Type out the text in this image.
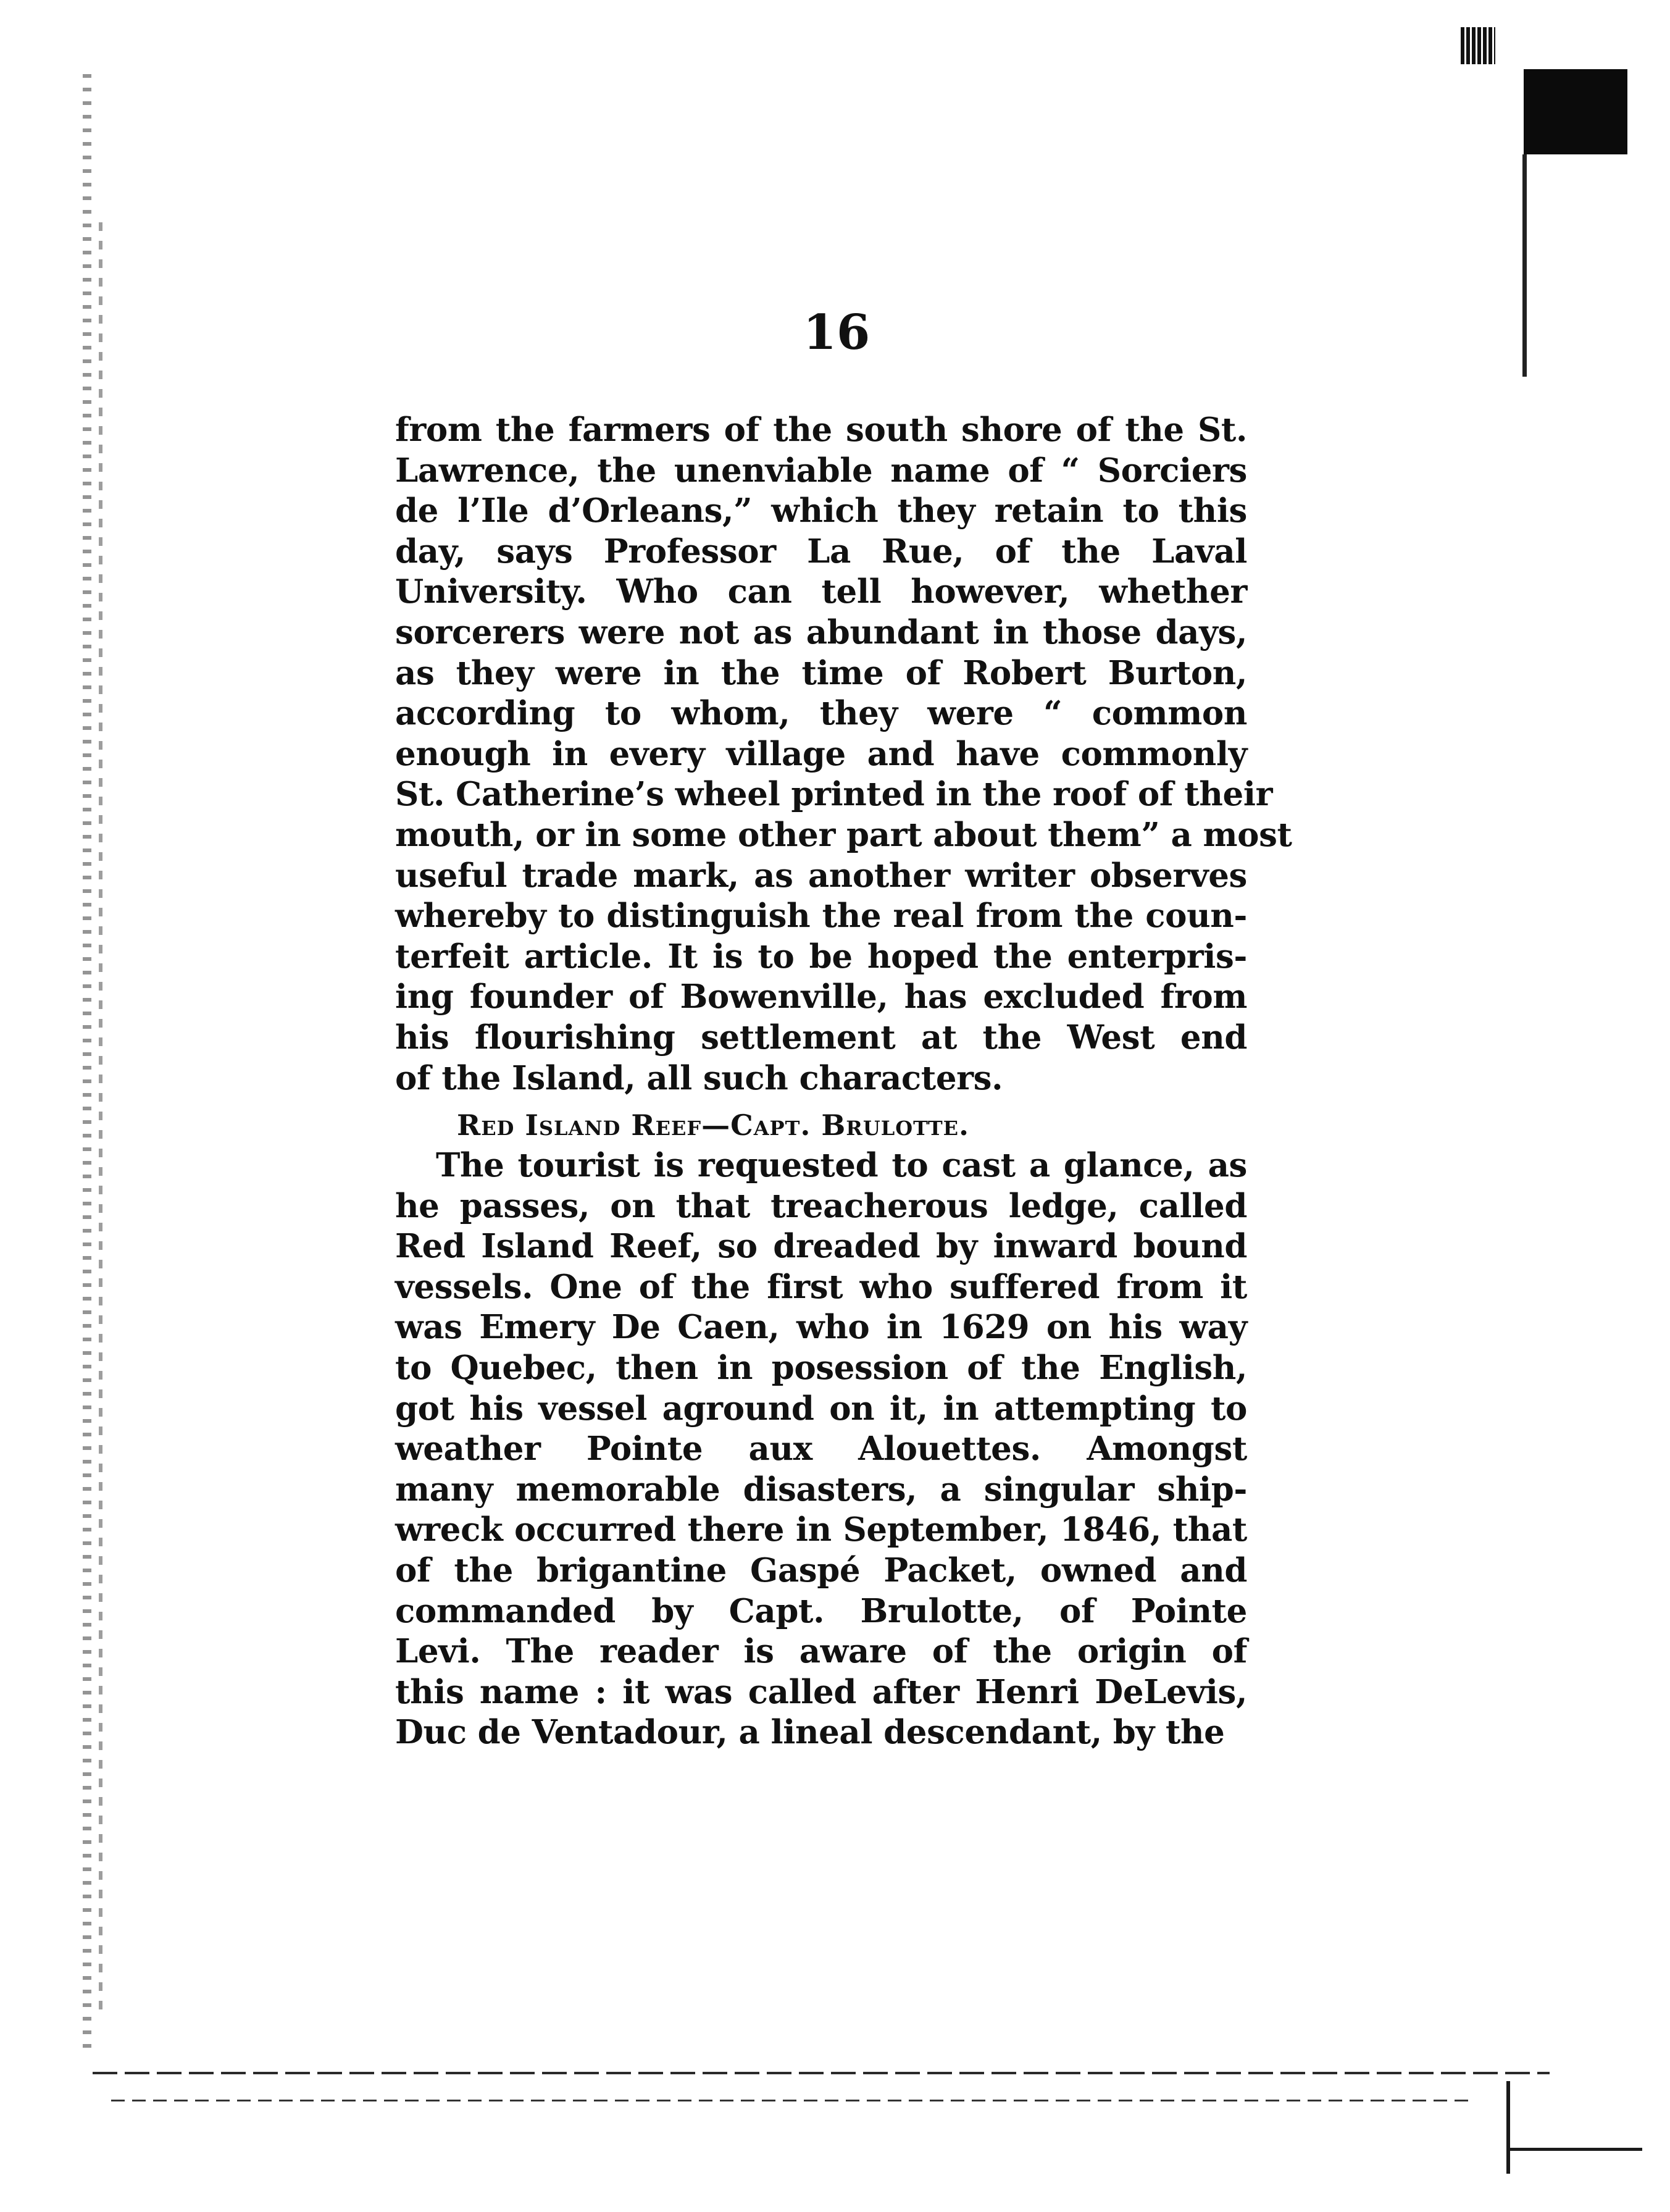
16
from the farmers of the south shore of the St.
Lawrence, the unenviable name of “ Sorciers
de l’Ile d’Orleans,” which they retain to this
day, says Professor La Rue, of the Laval
University. Who can tell however, whether
sorcerers were not as abundant in those days,
as they were in the time of Robert Burton,
according to whom, they were “ common
enough in every village and have commonly
St. Catherine’s wheel printed in the roof of their
mouth, or in some other part about them” a most
useful trade mark, as another writer observes
whereby to distinguish the real from the coun-
terfeit article. It is to be hoped the enterpris-
ing founder of Bowenville, has excluded from
his flourishing settlement at the West end
of the Island, all such characters.
Red Island Reef—Capt. Brulotte.
The tourist is requested to cast a glance, as
he passes, on that treacherous ledge, called
Red Island Reef, so dreaded by inward bound
vessels. One of the first who suffered from it
was Emery De Caen, who in 1629 on his way
to Quebec, then in posession of the English,
got his vessel aground on it, in attempting to
weather Pointe aux Alouettes. Amongst
many memorable disasters, a singular ship-
wreck occurred there in September, 1846, that
of the brigantine Gaspé Packet, owned and
commanded by Capt. Brulotte, of Pointe
Levi. The reader is aware of the origin of
this name : it was called after Henri DeLevis,
Duc de Ventadour, a lineal descendant, by the
